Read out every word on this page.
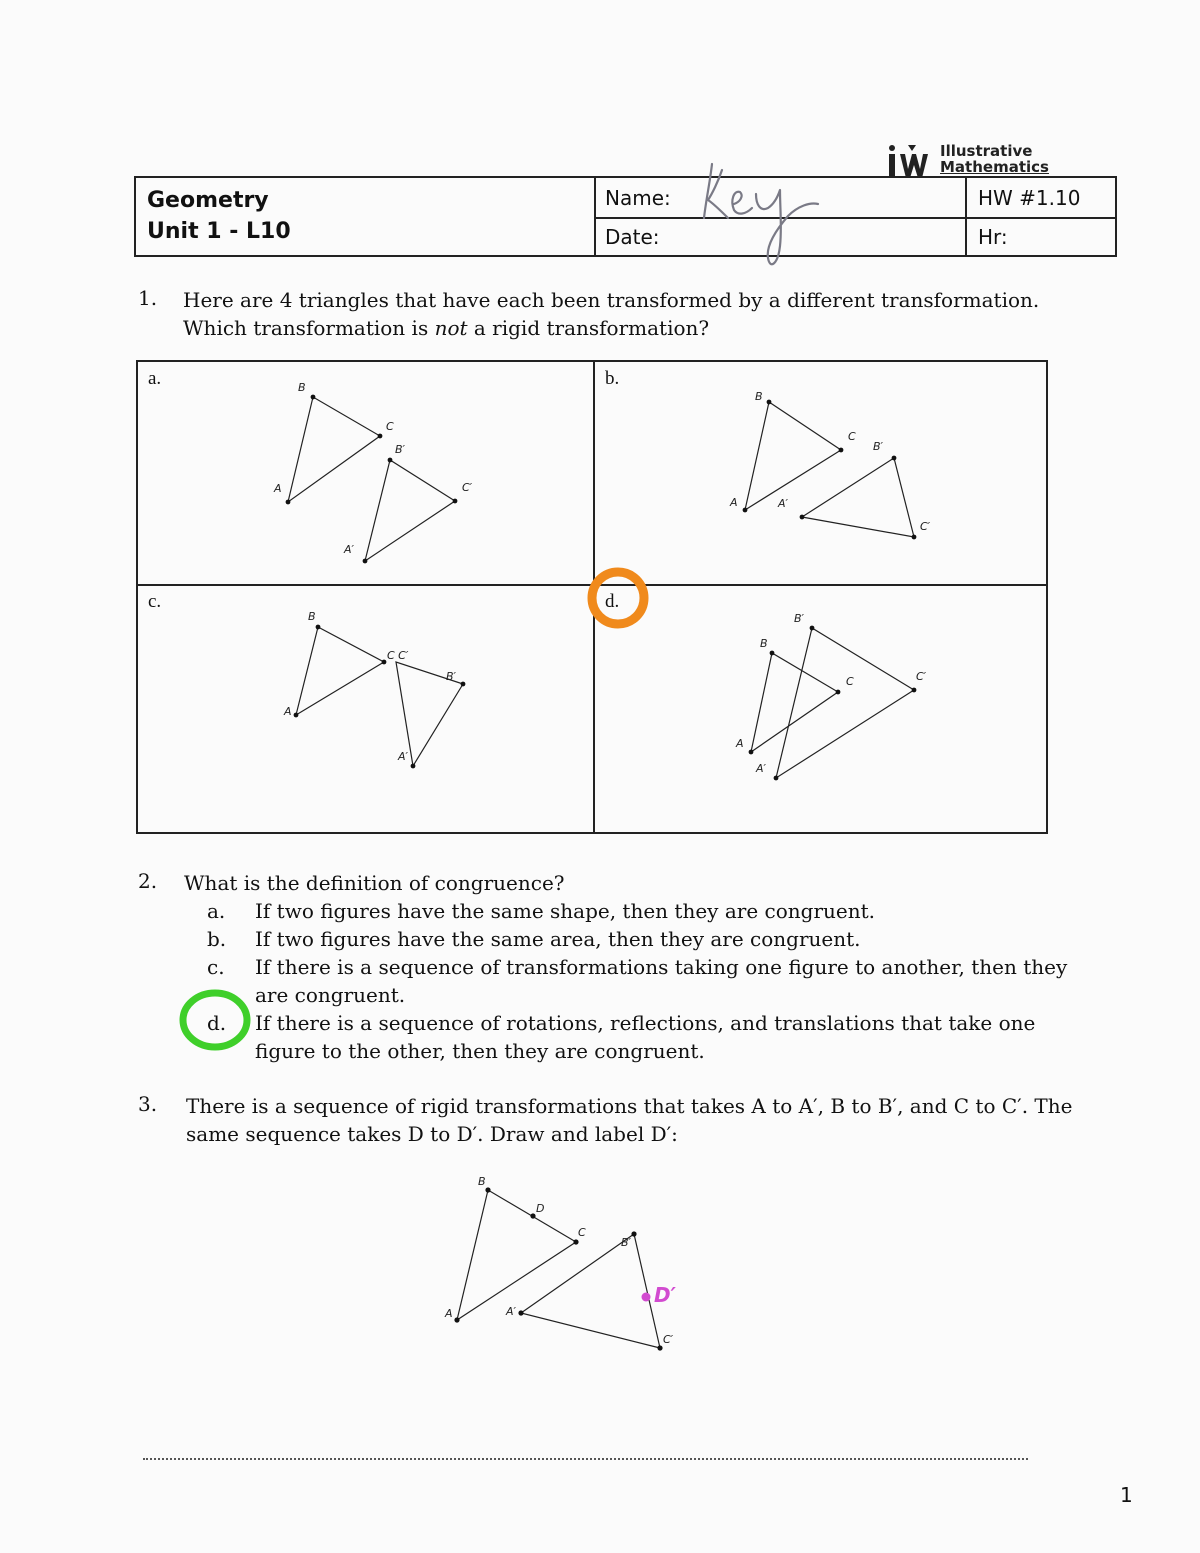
Illustrative
Mathematics
Geometry
Unit 1 - L10
Name:
Date:
HW #1.10
Hr:
1. Here are 4 triangles that have each been transformed by a different transformation.
Which transformation is not a rigid transformation?
a.	b.
c.	d.
A
B
C
A′
B′
C′
A
B
C
A′
B′
C′
A
B
C C′
A′
B′
A
B
C
A′
B′
C′
2. What is the definition of congruence?
a. If two figures have the same shape, then they are congruent.
b. If two figures have the same area, then they are congruent.
c. If there is a sequence of transformations taking one figure to another, then they
are congruent.
d. If there is a sequence of rotations, reflections, and translations that take one
figure to the other, then they are congruent.
3. There is a sequence of rigid transformations that takes A to A′, B to B′, and C to C′. The
same sequence takes D to D′. Draw and label D′:
A
B
C
D
A′
B′
C′
D′
1
